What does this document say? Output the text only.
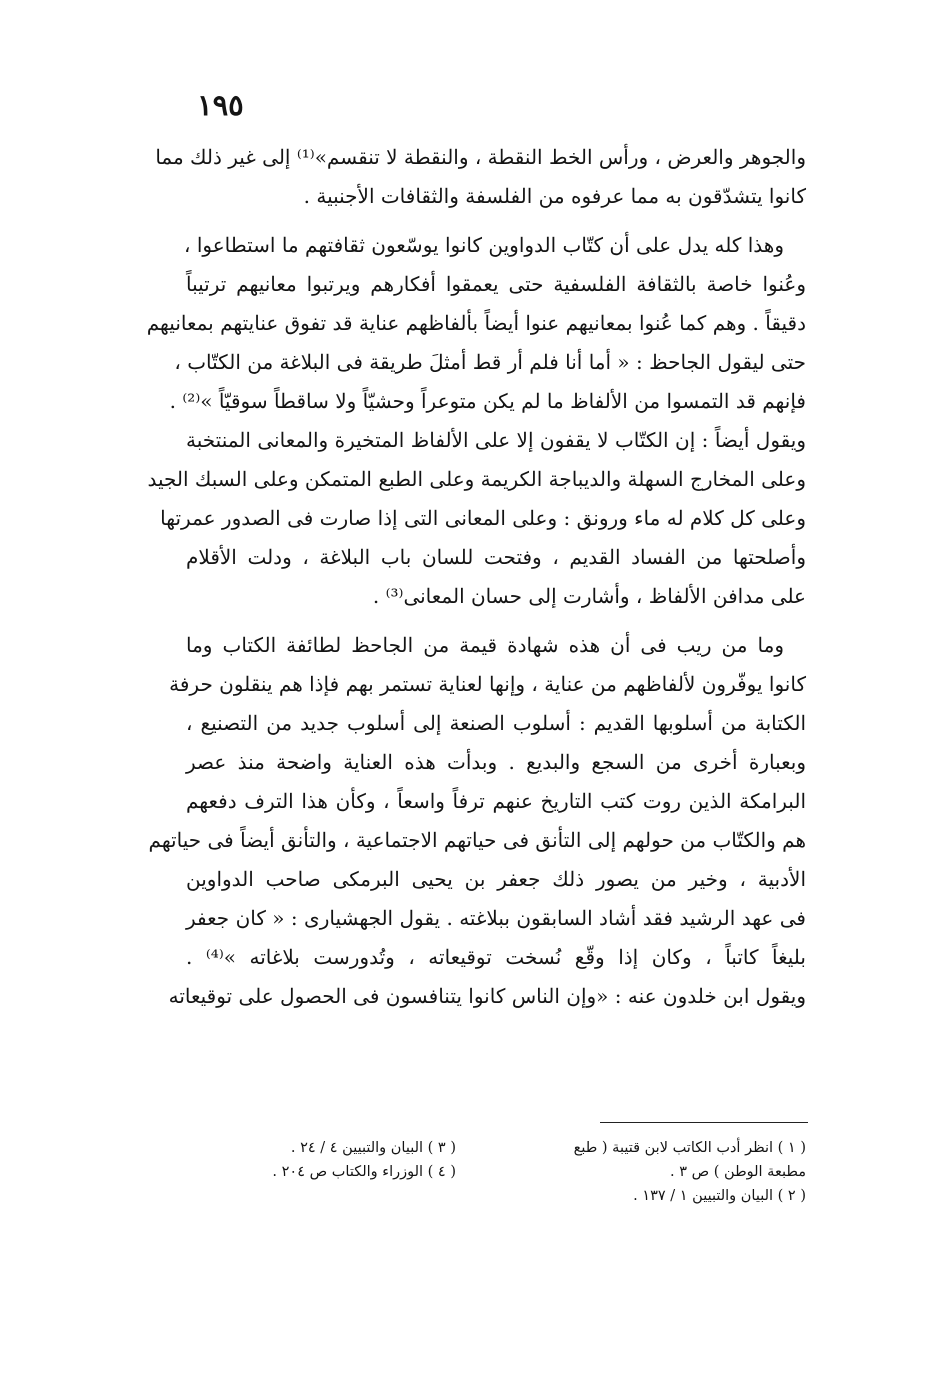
١٩٥
والجوهر والعرض ، ورأس الخط النقطة ، والنقطة لا تنقسم»⁽¹⁾ إلى غير ذلك مما
كانوا يتشدّقون به مما عرفوه من الفلسفة والثقافات الأجنبية .
وهذا كله يدل على أن كتّاب الدواوين كانوا يوسّعون ثقافتهم ما استطاعوا ،
وعُنوا خاصة بالثقافة الفلسفية حتى يعمقوا أفكارهم ويرتبوا معانيهم ترتيباً
دقيقاً . وهم كما عُنوا بمعانيهم عنوا أيضاً بألفاظهم عناية قد تفوق عنايتهم بمعانيهم
حتى ليقول الجاحظ : « أما أنا فلم أر قط أمثلَ طريقة فى البلاغة من الكتّاب ،
فإنهم قد التمسوا من الألفاظ ما لم يكن متوعراً وحشيّاً ولا ساقطاً سوقيّاً »⁽²⁾ .
ويقول أيضاً : إن الكتّاب لا يقفون إلا على الألفاظ المتخيرة والمعانى المنتخبة
وعلى المخارج السهلة والديباجة الكريمة وعلى الطبع المتمكن وعلى السبك الجيد
وعلى كل كلام له ماء ورونق : وعلى المعانى التى إذا صارت فى الصدور عمرتها
وأصلحتها من الفساد القديم ، وفتحت للسان باب البلاغة ، ودلت الأقلام
على مدافن الألفاظ ، وأشارت إلى حسان المعانى⁽³⁾ .
وما من ريب فى أن هذه شهادة قيمة من الجاحظ لطائفة الكتاب وما
كانوا يوفّرون لألفاظهم من عناية ، وإنها لعناية تستمر بهم فإذا هم ينقلون حرفة
الكتابة من أسلوبها القديم : أسلوب الصنعة إلى أسلوب جديد من التصنيع ،
وبعبارة أخرى من السجع والبديع . وبدأت هذه العناية واضحة منذ عصر
البرامكة الذين روت كتب التاريخ عنهم ترفاً واسعاً ، وكأن هذا الترف دفعهم
هم والكتّاب من حولهم إلى التأنق فى حياتهم الاجتماعية ، والتأنق أيضاً فى حياتهم
الأدبية ، وخير من يصور ذلك جعفر بن يحيى البرمكى صاحب الدواوين
فى عهد الرشيد فقد أشاد السابقون ببلاغته . يقول الجهشيارى : « كان جعفر
بليغاً كاتباً ، وكان إذا وقّع نُسخت توقيعاته ، وتُدورست بلاغاته »⁽⁴⁾ .
ويقول ابن خلدون عنه : «وإن الناس كانوا يتنافسون فى الحصول على توقيعاته
( ١ ) انظر أدب الكاتب لابن قتيبة ( طبع
( ٣ ) البيان والتبيين ٤ / ٢٤ .
مطبعة الوطن ) ص ٣ .
( ٤ ) الوزراء والكتاب ص ٢٠٤ .
( ٢ ) البيان والتبيين ١ / ١٣٧ .
